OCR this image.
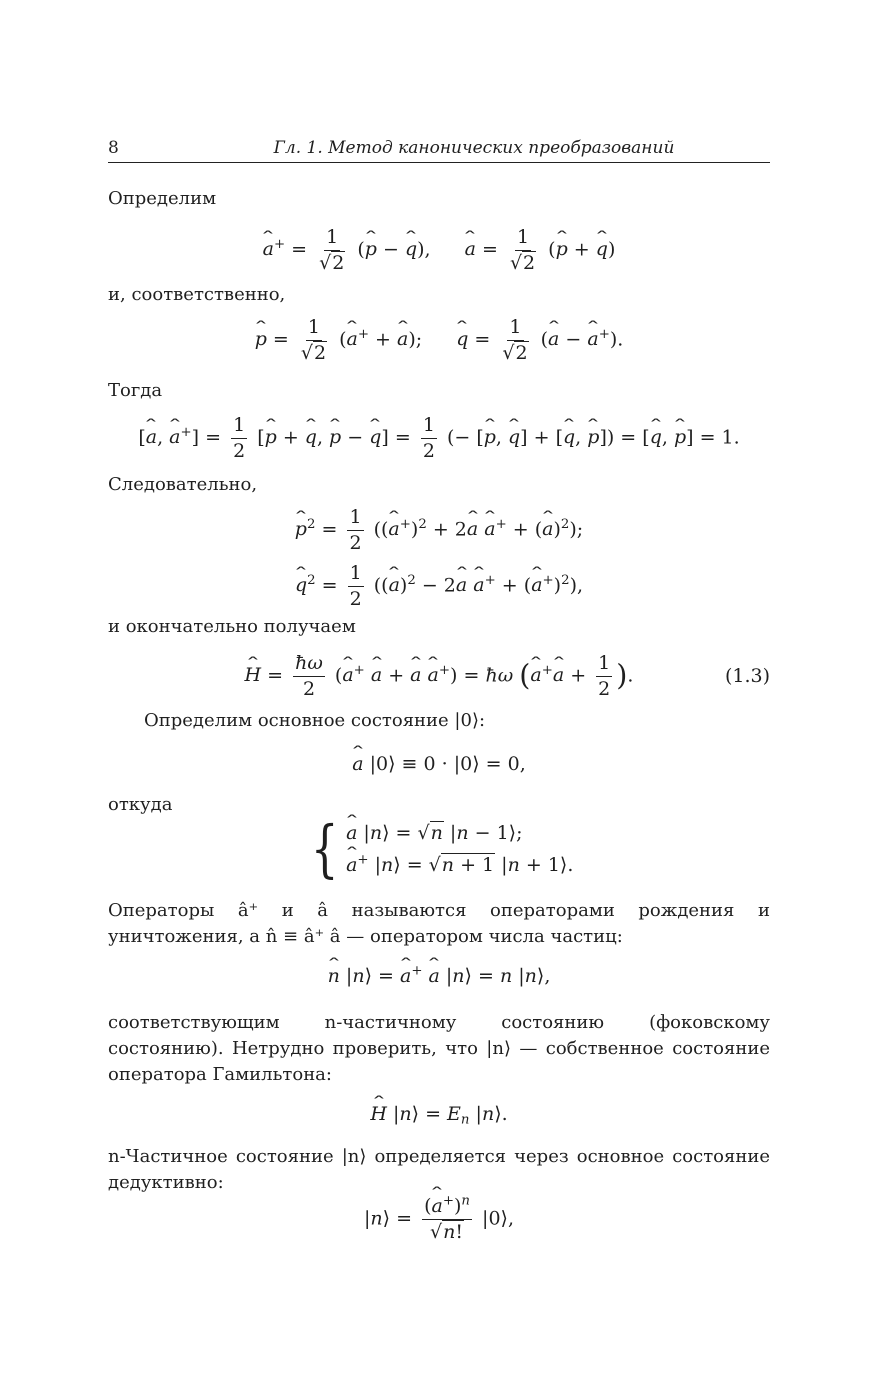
8	Гл. 1. Метод канонических преобразований
Определим
ˆ $a^+ = \frac{1}{√2}$ (ˆ p − ˆ q), ˆ $a = \frac{1}{√2}$ (ˆ p + ˆ q)
и, соответственно,
ˆ $p = \frac{1}{√2}$ (ˆ a+ + ˆ a); ˆ $q = \frac{1}{√2}$ (ˆ a − ˆ a+).
Тогда
[ˆ a, ˆ $a^+] = \frac{1}{2}$ [ˆ p + ˆ q, ˆ p − ˆ $q] = \frac{1}{2}$ (− [ˆ p, ˆ q] + [ˆ q, ˆ p]) = [ˆ q, ˆ p] = 1.
Следовательно,
ˆ $p^2 = \frac{1}{2}$ ((ˆ a+)$^2$ + 2ˆ a ˆ a+ + (ˆ a)$^2$);
ˆ $q^2 = \frac{1}{2}$ ((ˆ a)$^2$ − 2ˆ a ˆ a+ + (ˆ a+)$^2$),
и окончательно получаем
ˆ $H = \frac{ħ\omega}{2}$ (ˆ a+ ˆ a + ˆ a ˆ a+) = ħω (ˆ a+ˆ $a + \frac{1}{2}$ ).	(1.3)
Определим основное состояние |0⟩:
ˆ a |0⟩ ≡ 0 · |0⟩ = 0,
откуда
{ ˆ a |n⟩ = √n |n − 1⟩;
ˆ a+ |n⟩ = √n + 1 |n + 1⟩.
Операторы â⁺ и â называются операторами рождения и уничтожения, а n̂ ≡ â⁺ â — оператором числа частиц:
ˆ n |n⟩ = ˆ a+ ˆ a |n⟩ = n |n⟩,
соответствующим n-частичному состоянию (фоковскому состоянию). Нетрудно проверить, что |n⟩ — собственное состояние оператора Гамильтона:
ˆ H |n⟩ = $E_n$ |n⟩.
n-Частичное состояние |n⟩ определяется через основное состояние дедуктивно:
|n⟩ = $\frac{(ˆ a^+)^n}{√n!}$ |0⟩,
